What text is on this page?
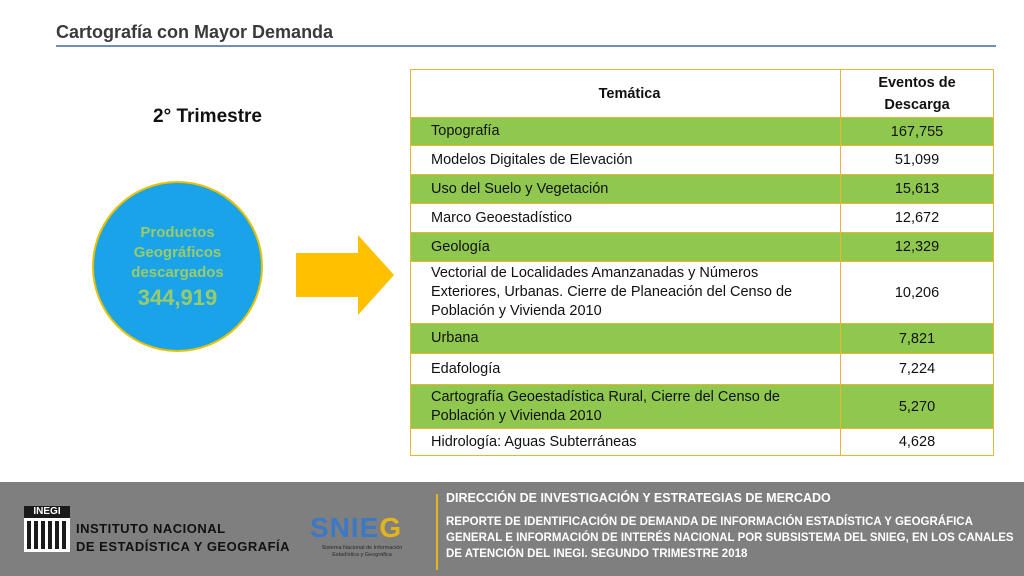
Cartografía con Mayor Demanda
2° Trimestre
Productos
Geográficos
descargados
344,919
Temática	Eventos de Descarga
Topografía	167,755
Modelos Digitales de Elevación	51,099
Uso del Suelo y Vegetación	15,613
Marco Geoestadístico	12,672
Geología	12,329
Vectorial de Localidades Amanzanadas y Números Exteriores, Urbanas. Cierre de Planeación del Censo de Población y Vivienda 2010	10,206
Urbana	7,821
Edafología	7,224
Cartografía Geoestadística Rural, Cierre del Censo de Población y Vivienda 2010	5,270
Hidrología: Aguas Subterráneas	4,628
INEGI
INSTITUTO NACIONAL
DE ESTADÍSTICA Y GEOGRAFÍA
SNIEG
Sistema Nacional de Información Estadística y Geográfica
DIRECCIÓN DE INVESTIGACIÓN Y ESTRATEGIAS DE MERCADO
REPORTE DE IDENTIFICACIÓN DE DEMANDA DE INFORMACIÓN ESTADÍSTICA Y GEOGRÁFICA GENERAL E INFORMACIÓN DE INTERÉS NACIONAL POR SUBSISTEMA DEL SNIEG, EN LOS CANALES DE ATENCIÓN DEL INEGI. SEGUNDO TRIMESTRE 2018
